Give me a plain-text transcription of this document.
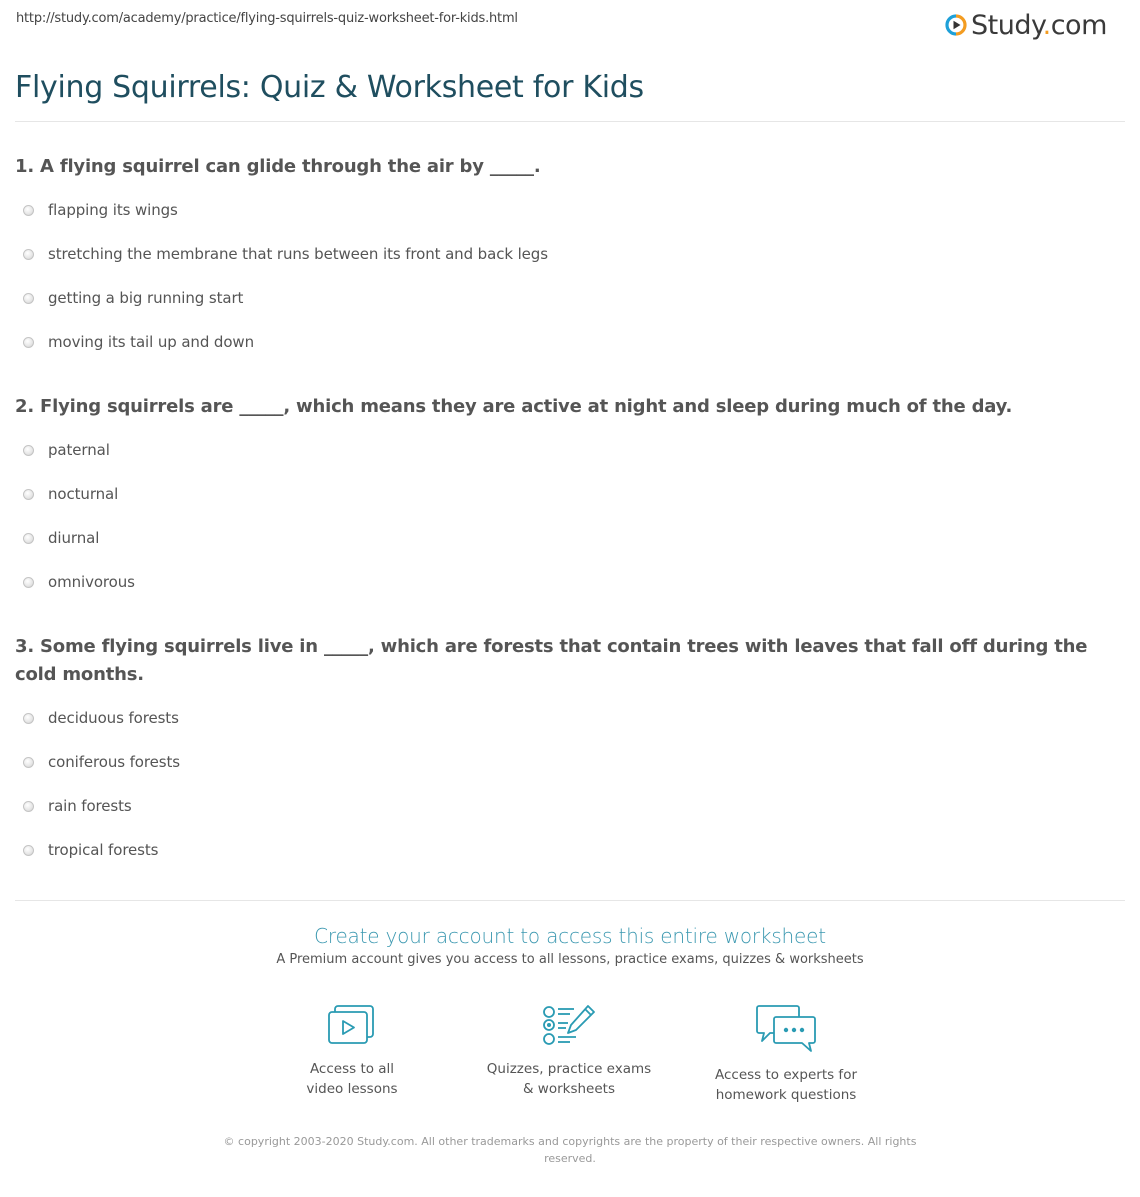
http://study.com/academy/practice/flying-squirrels-quiz-worksheet-for-kids.html	Study.com
Flying Squirrels: Quiz & Worksheet for Kids
1. A flying squirrel can glide through the air by _____.
flapping its wings
stretching the membrane that runs between its front and back legs
getting a big running start
moving its tail up and down
2. Flying squirrels are _____, which means they are active at night and sleep during much of the day.
paternal
nocturnal
diurnal
omnivorous
3. Some flying squirrels live in _____, which are forests that contain trees with leaves that fall off during the cold months.
deciduous forests
coniferous forests
rain forests
tropical forests
Create your account to access this entire worksheet
A Premium account gives you access to all lessons, practice exams, quizzes & worksheets
Access to all
video lessons
Quizzes, practice exams
& worksheets
Access to experts for
homework questions
© copyright 2003-2020 Study.com. All other trademarks and copyrights are the property of their respective owners. All rights reserved.
